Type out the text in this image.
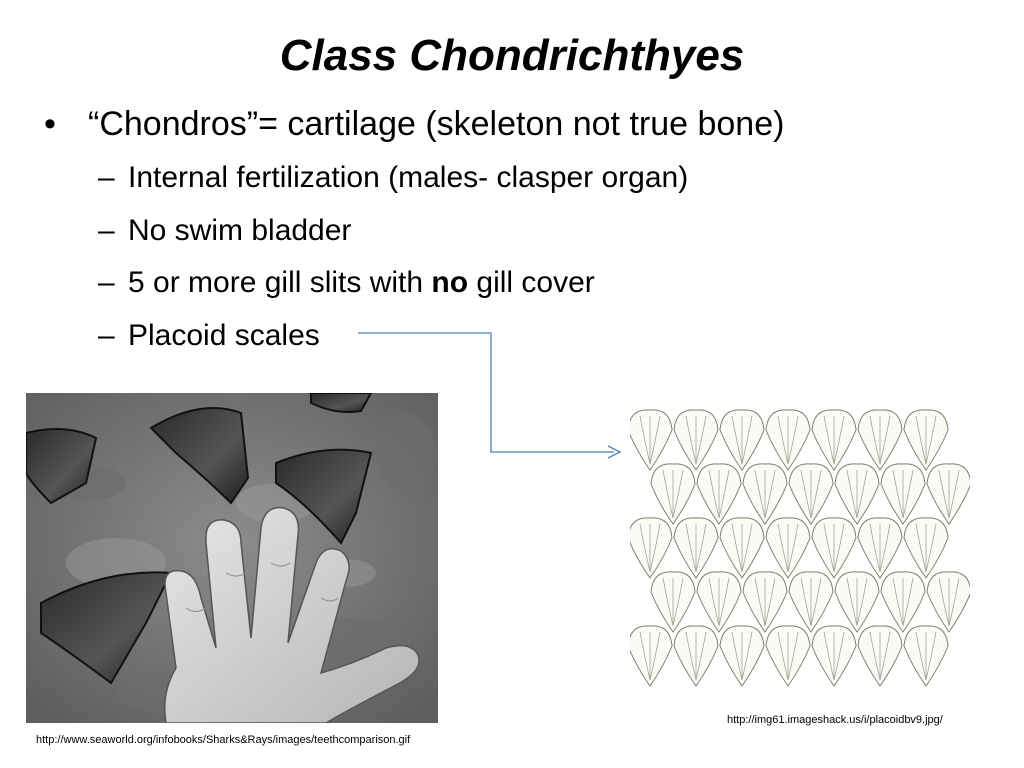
Class Chondrichthyes
• “Chondros”= cartilage (skeleton not true bone)
– Internal fertilization (males- clasper organ)
– No swim bladder
– 5 or more gill slits with no gill cover
– Placoid scales
http://img61.imageshack.us/i/placoidbv9.jpg/
http://www.seaworld.org/infobooks/Sharks&Rays/images/teethcomparison.gif
